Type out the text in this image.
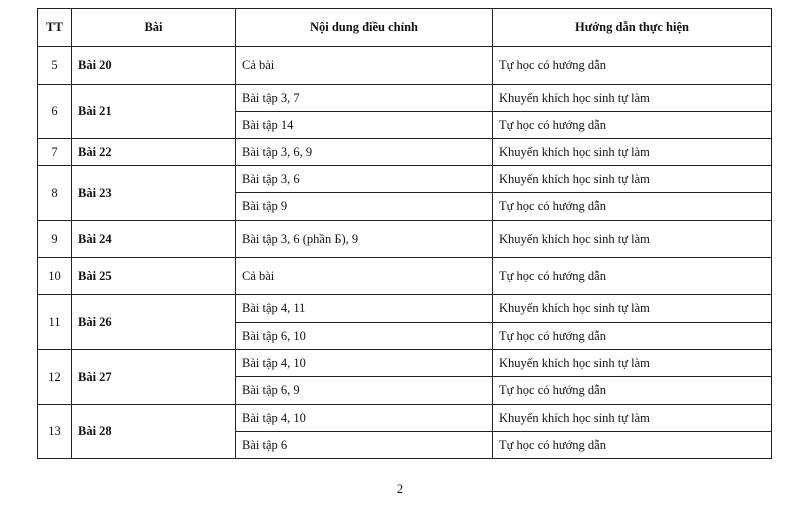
TT	Bài	Nội dung điều chỉnh	Hướng dẫn thực hiện
5	Bài 20	Cả bài	Tự học có hướng dẫn
6	Bài 21	Bài tập 3, 7	Khuyến khích học sinh tự làm
		Bài tập 14	Tự học có hướng dẫn
7	Bài 22	Bài tập 3, 6, 9	Khuyến khích học sinh tự làm
8	Bài 23	Bài tập 3, 6	Khuyến khích học sinh tự làm
		Bài tập 9	Tự học có hướng dẫn
9	Bài 24	Bài tập 3, 6 (phần Б), 9	Khuyến khích học sinh tự làm
10	Bài 25	Cả bài	Tự học có hướng dẫn
11	Bài 26	Bài tập 4, 11	Khuyến khích học sinh tự làm
		Bài tập 6, 10	Tự học có hướng dẫn
12	Bài 27	Bài tập 4, 10	Khuyến khích học sinh tự làm
		Bài tập 6, 9	Tự học có hướng dẫn
13	Bài 28	Bài tập 4, 10	Khuyến khích học sinh tự làm
		Bài tập 6	Tự học có hướng dẫn
2
